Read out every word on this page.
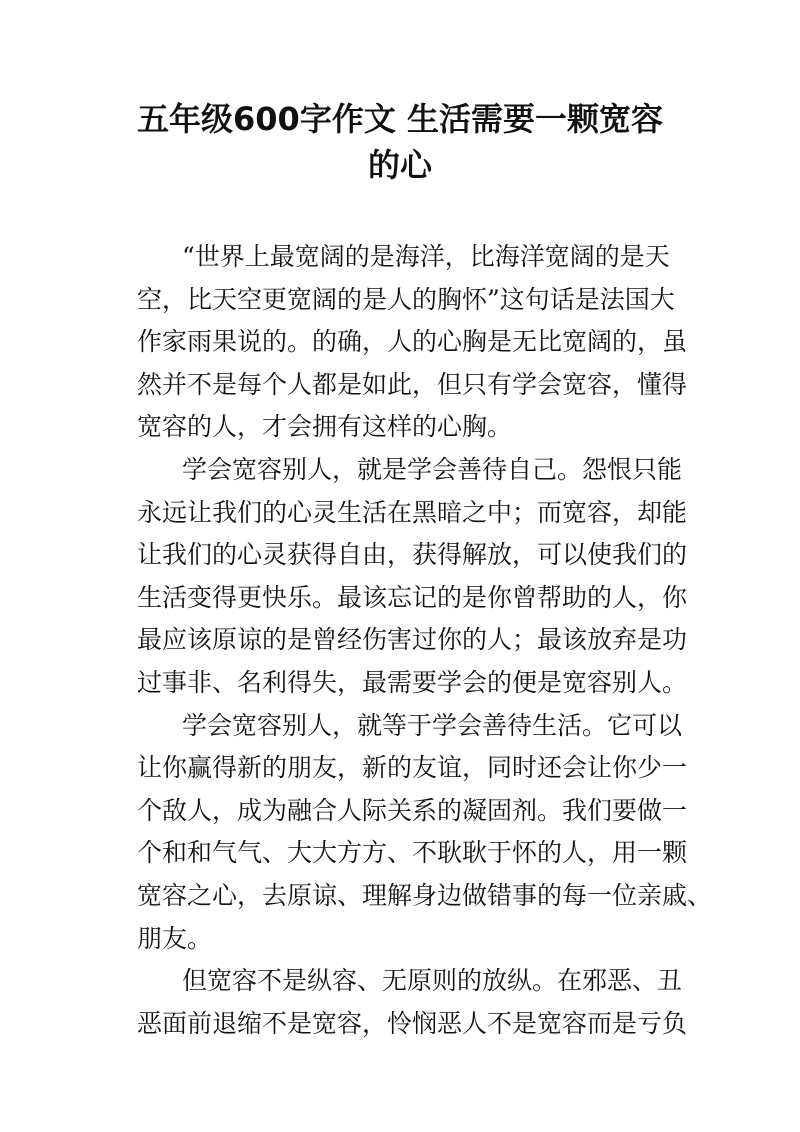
五年级600字作文 生活需要一颗宽容
的心
“世界上最宽阔的是海洋，比海洋宽阔的是天
空，比天空更宽阔的是人的胸怀”这句话是法国大
作家雨果说的。的确，人的心胸是无比宽阔的，虽
然并不是每个人都是如此，但只有学会宽容，懂得
宽容的人，才会拥有这样的心胸。
学会宽容别人，就是学会善待自己。怨恨只能
永远让我们的心灵生活在黑暗之中；而宽容，却能
让我们的心灵获得自由，获得解放，可以使我们的
生活变得更快乐。最该忘记的是你曾帮助的人，你
最应该原谅的是曾经伤害过你的人；最该放弃是功
过事非、名利得失，最需要学会的便是宽容别人。
学会宽容别人，就等于学会善待生活。它可以
让你赢得新的朋友，新的友谊，同时还会让你少一
个敌人，成为融合人际关系的凝固剂。我们要做一
个和和气气、大大方方、不耿耿于怀的人，用一颗
宽容之心，去原谅、理解身边做错事的每一位亲戚、
朋友。
但宽容不是纵容、无原则的放纵。在邪恶、丑
恶面前退缩不是宽容，怜悯恶人不是宽容而是亏负
